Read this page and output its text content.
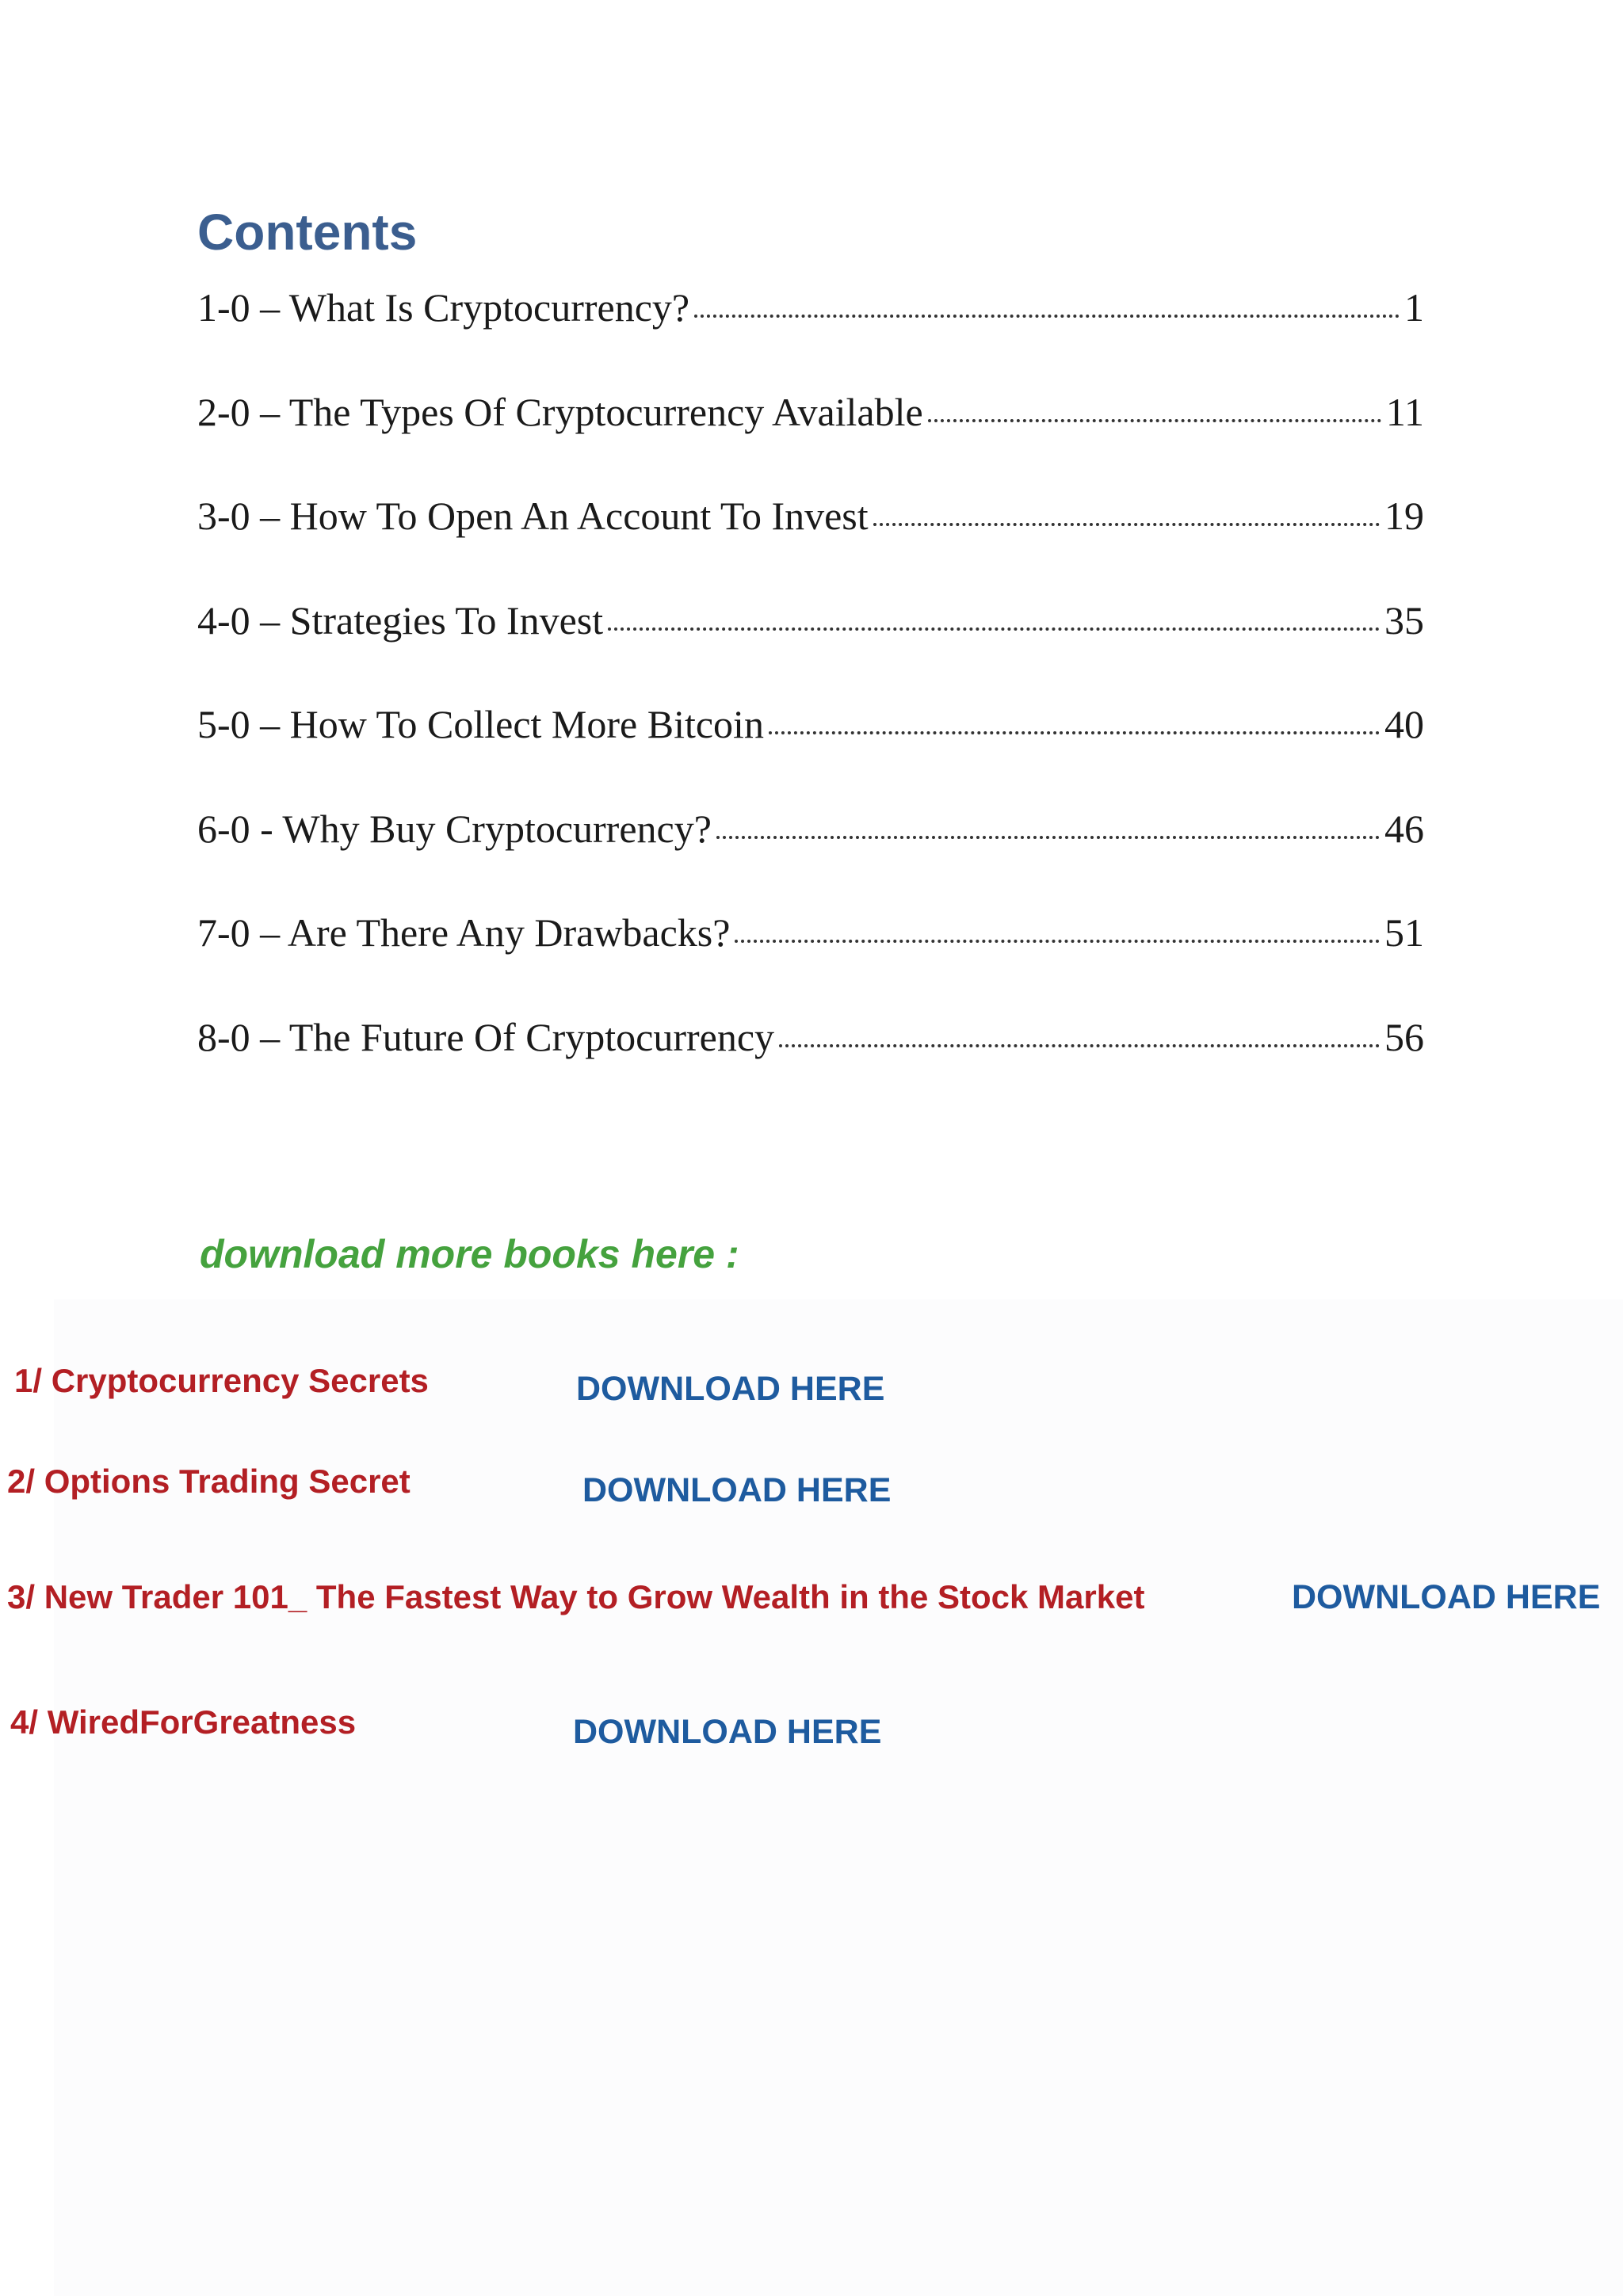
Contents
1-0 – What Is Cryptocurrency?	1
2-0 – The Types Of Cryptocurrency Available	11
3-0 – How To Open An Account To Invest	19
4-0 – Strategies To Invest	35
5-0 – How To Collect More Bitcoin	40
6-0 - Why Buy Cryptocurrency?	46
7-0 – Are There Any Drawbacks?	51
8-0 – The Future Of Cryptocurrency	56

download more books here :

1/ Cryptocurrency Secrets	DOWNLOAD HERE

2/ Options Trading Secret	DOWNLOAD HERE

3/ New Trader 101_ The Fastest Way to Grow Wealth in the Stock Market	DOWNLOAD HERE

4/ WiredForGreatness	DOWNLOAD HERE
